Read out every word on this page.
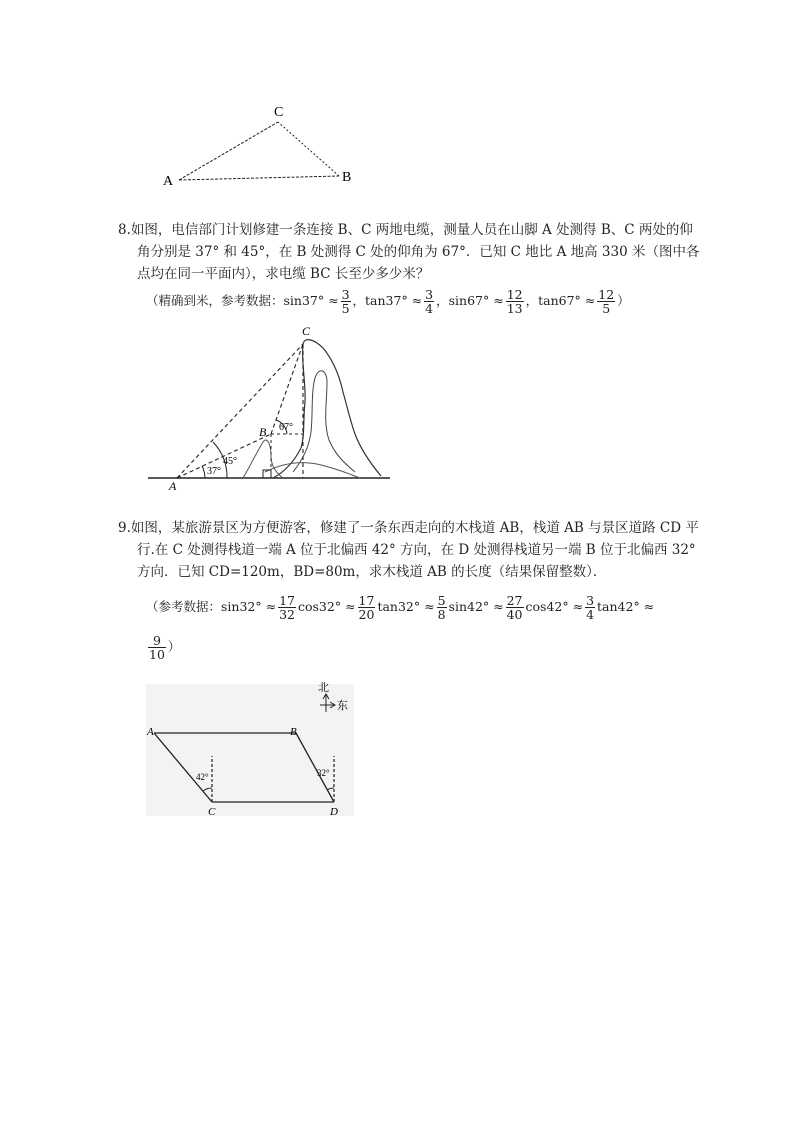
A	B
C
8.如图，电信部门计划修建一条连接 B、C 两地电缆，测量人员在山脚 A 处测得 B、C 两处的仰
角分别是 37° 和 45°，在 B 处测得 C 处的仰角为 67°．已知 C 地比 A 地高 330 米（图中各
点均在同一平面内），求电缆 BC 长至少多少米？
（精确到米，参考数据：$\sin 37^\circ \approx \frac{3}{5}$ ，$\tan 37^\circ \approx \frac{3}{4}$ ，$\sin 67^\circ \approx \frac{12}{13}$ ，$\tan 67^\circ \approx \frac{12}{5}$ ）
A
B
C
37°
45°
67°
9.如图，某旅游景区为方便游客，修建了一条东西走向的木栈道 AB，栈道 AB 与景区道路 CD 平
行.在 C 处测得栈道一端 A 位于北偏西 42° 方向，在 D 处测得栈道另一端 B 位于北偏西 32°
方向．已知 CD=120m，BD=80m，求木栈道 AB 的长度（结果保留整数）．
（参考数据：$\sin 32^\circ \approx \frac{17}{32} \cos 32^\circ \approx \frac{17}{20} \tan 32^\circ \approx \frac{5}{8} \sin 42^\circ \approx \frac{27}{40} \cos 42^\circ \approx \frac{3}{4} \tan 42^\circ$ ≈
$\frac{9}{10}$ ）
北
东
A	B
C	D
42°	32°
